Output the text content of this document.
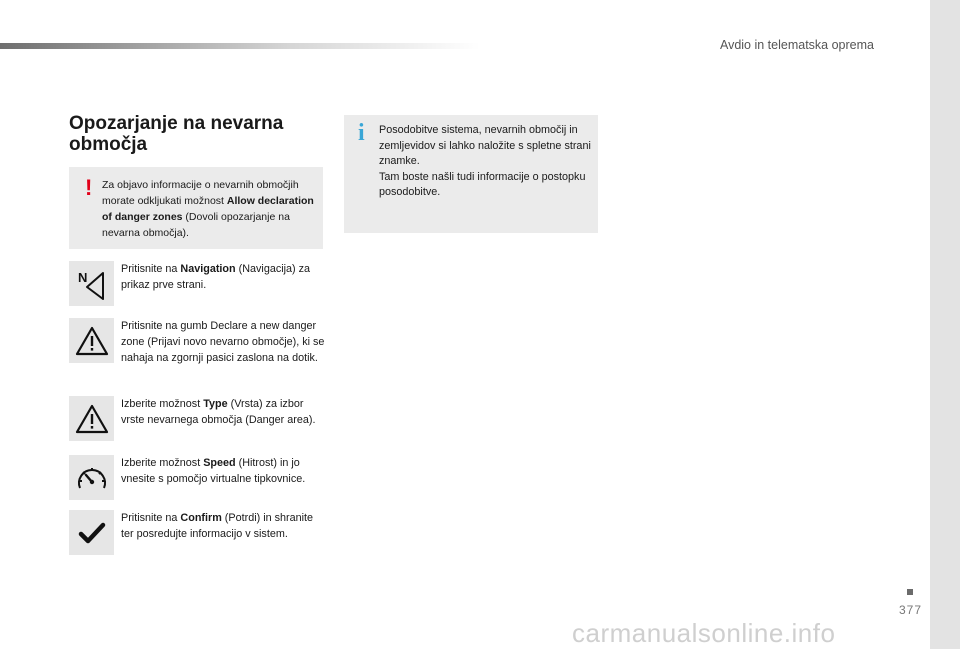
Avdio in telematska oprema
377
Opozarjanje na nevarna
območja
! Za objavo informacije o nevarnih območjih morate odkljukati možnost Allow declaration of danger zones (Dovoli opozarjanje na nevarna območja).
i Posodobitve sistema, nevarnih območij in zemljevidov si lahko naložite s spletne strani znamke.
Tam boste našli tudi informacije o postopku posodobitve.
N
Pritisnite na Navigation (Navigacija) za prikaz prve strani.
Pritisnite na gumb Declare a new danger zone (Prijavi novo nevarno območje), ki se nahaja na zgornji pasici zaslona na dotik.
Izberite možnost Type (Vrsta) za izbor vrste nevarnega območja (Danger area).
Izberite možnost Speed (Hitrost) in jo vnesite s pomočjo virtualne tipkovnice.
Pritisnite na Confirm (Potrdi) in shranite ter posredujte informacijo v sistem.
carmanualsonline.info
